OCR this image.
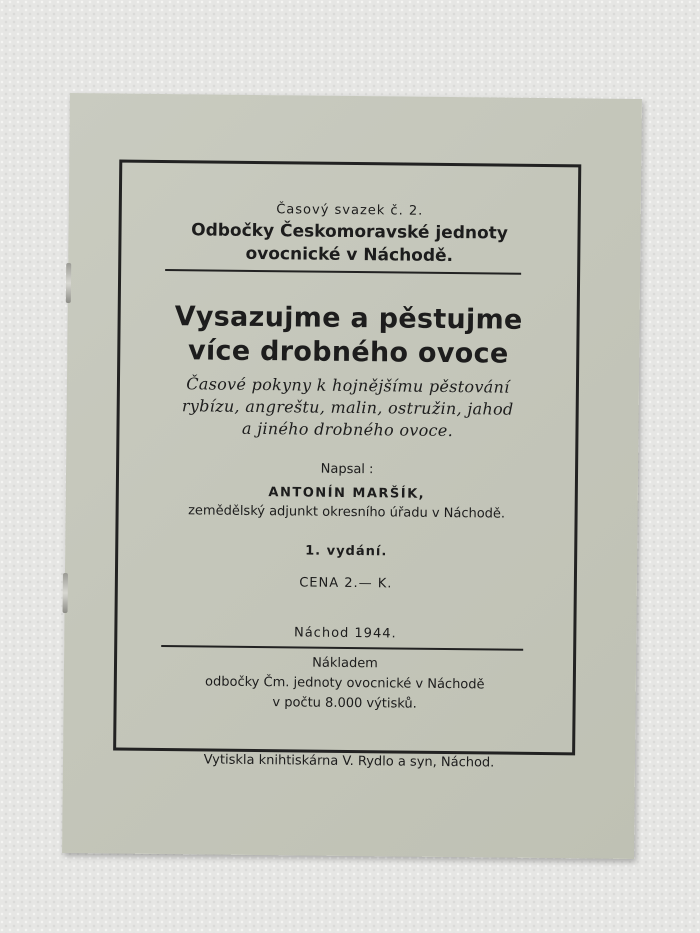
Časový svazek č. 2.
Odbočky Českomoravské jednoty
ovocnické v Náchodě.
Vysazujme a pěstujme
více drobného ovoce
Časové pokyny k hojnějšímu pěstování
rybízu, angreštu, malin, ostružin, jahod
a jiného drobného ovoce.
Napsal :
ANTONÍN MARŠÍK,
zemědělský adjunkt okresního úřadu v Náchodě.
1. vydání.
CENA 2.— K.
Náchod 1944.
Nákladem
odbočky Čm. jednoty ovocnické v Náchodě
v počtu 8.000 výtisků.
Vytiskla knihtiskárna V. Rydlo a syn, Náchod.
